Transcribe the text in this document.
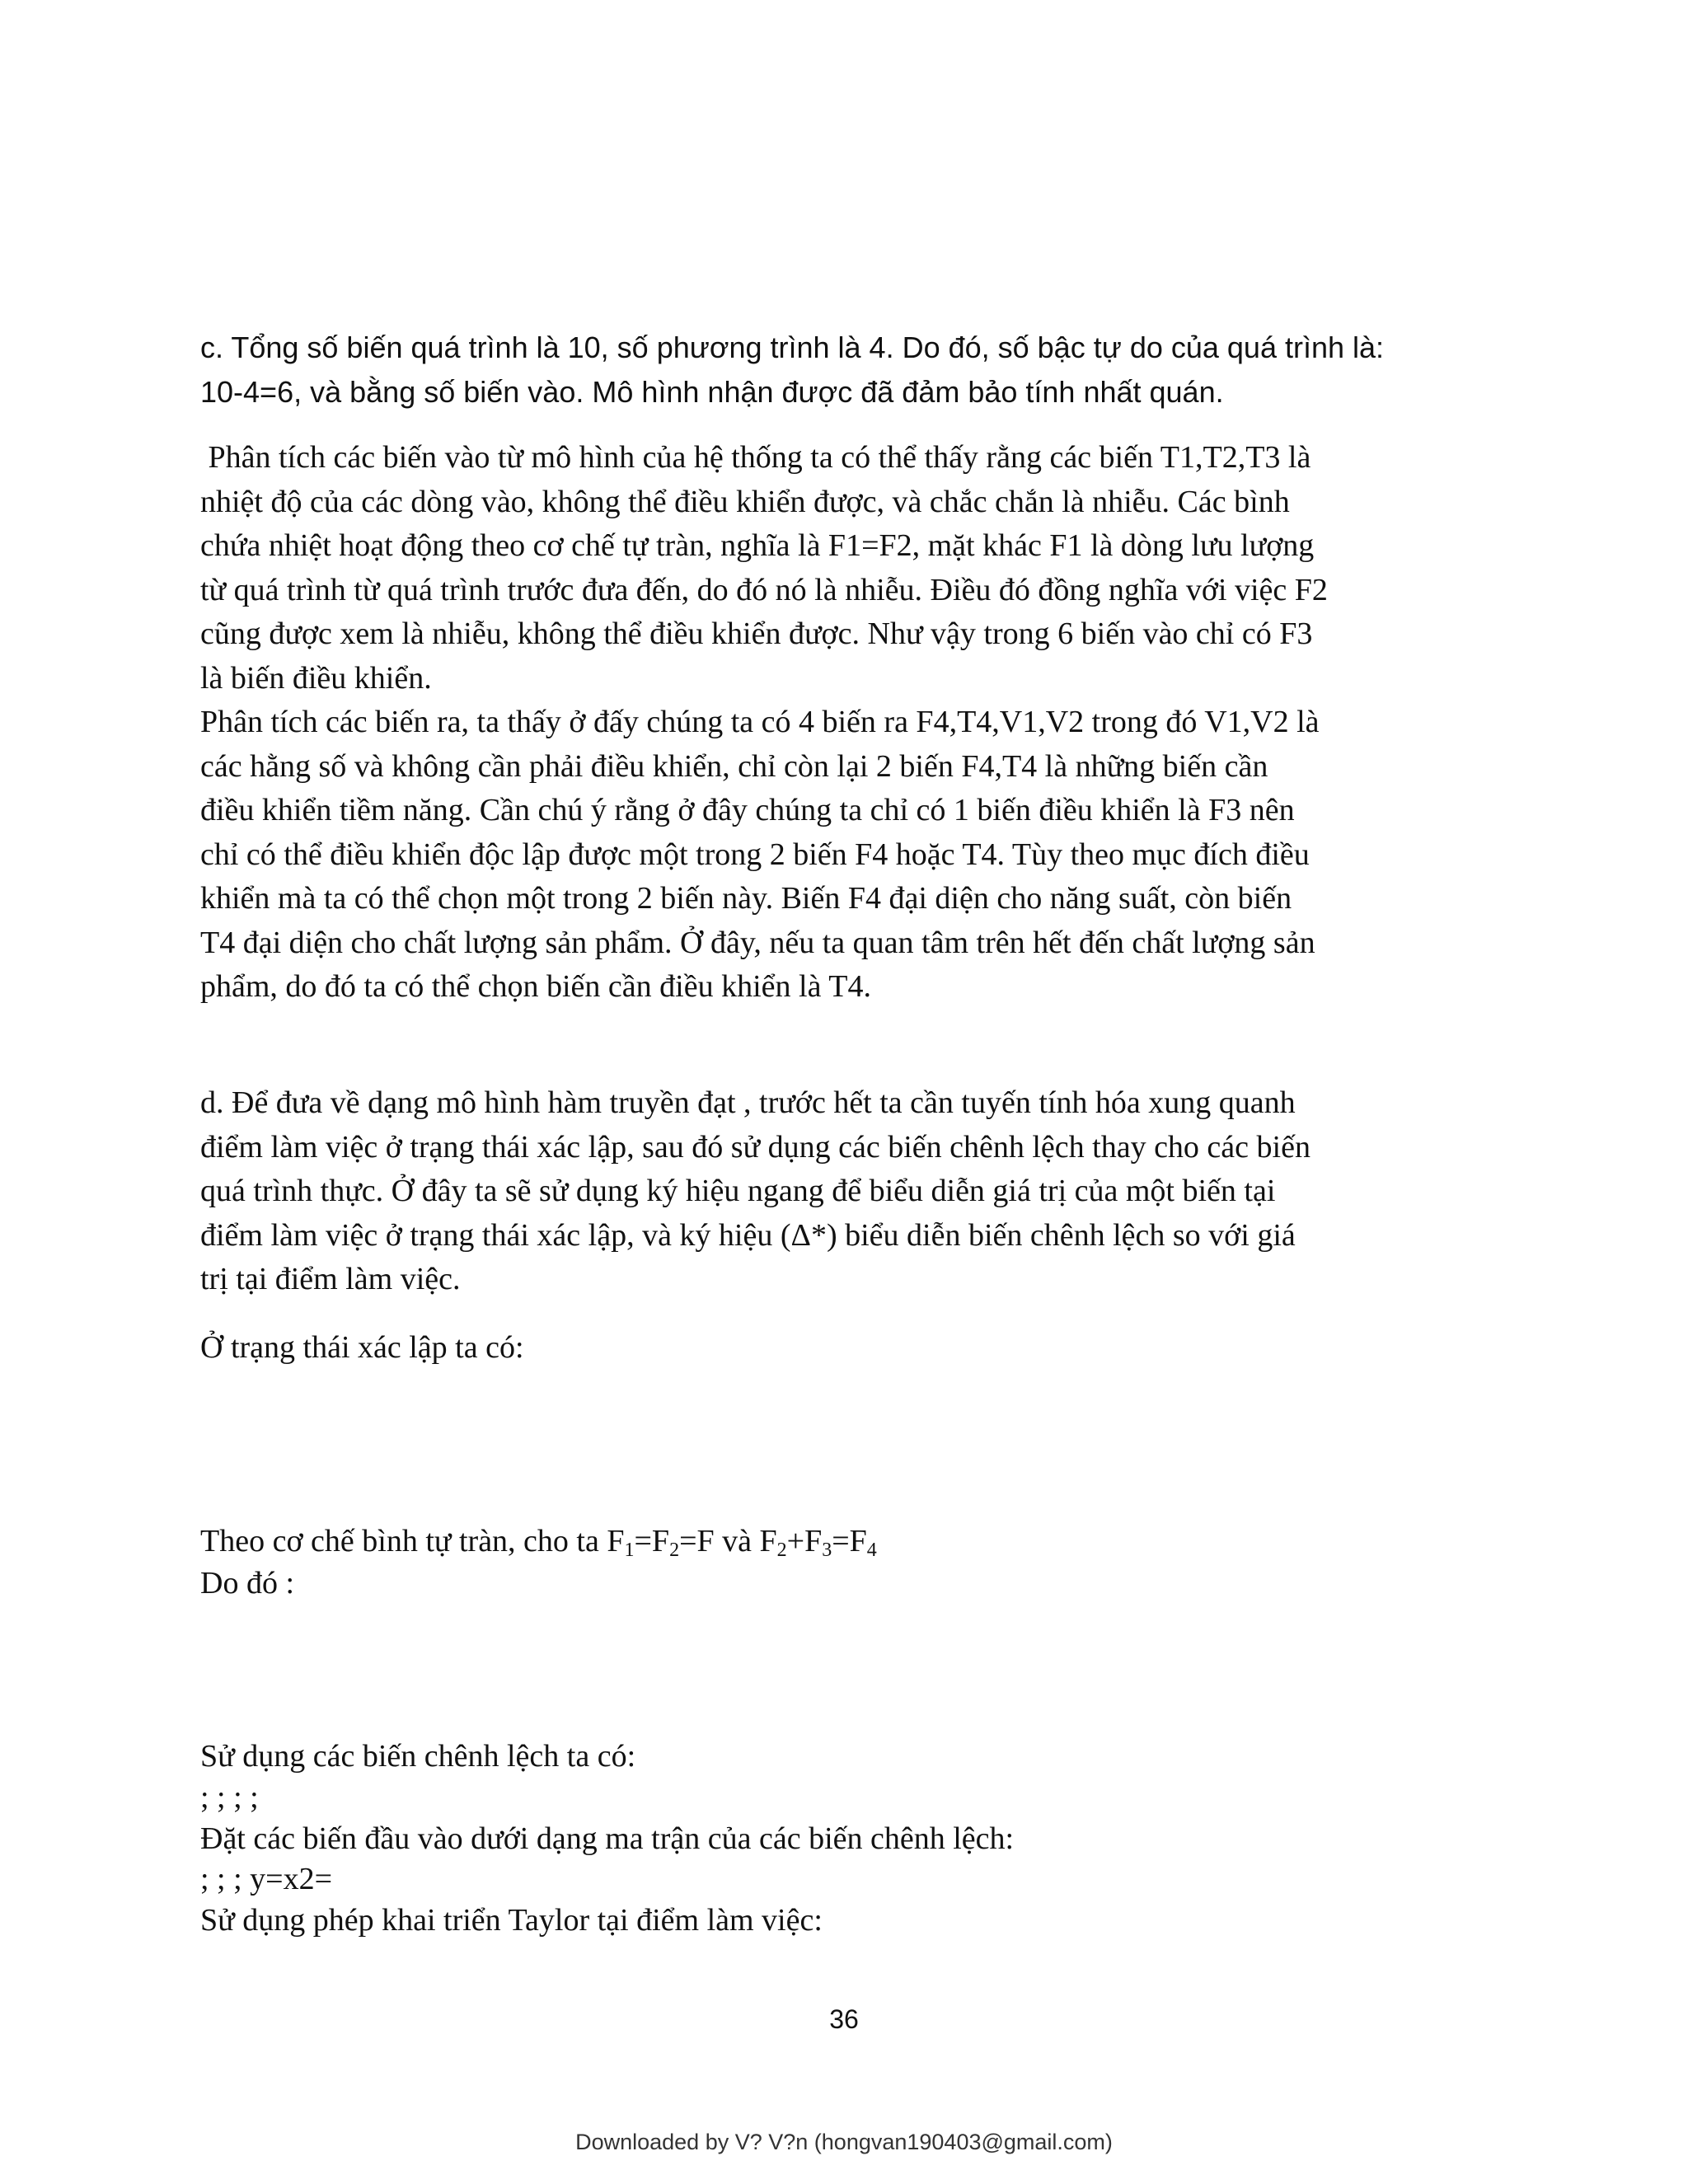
c. Tổng số biến quá trình là 10, số phương trình là 4. Do đó, số bậc tự do của quá trình là:
10-4=6, và bằng số biến vào. Mô hình nhận được đã đảm bảo tính nhất quán.
Phân tích các biến vào từ mô hình của hệ thống ta có thể thấy rằng các biến T1,T2,T3 là
nhiệt độ của các dòng vào, không thể điều khiển được, và chắc chắn là nhiễu. Các bình
chứa nhiệt hoạt động theo cơ chế tự tràn, nghĩa là F1=F2, mặt khác F1 là dòng lưu lượng
từ quá trình từ quá trình trước đưa đến, do đó nó là nhiễu. Điều đó đồng nghĩa với việc F2
cũng được xem là nhiễu, không thể điều khiển được. Như vậy trong 6 biến vào chỉ có F3
là biến điều khiển.
Phân tích các biến ra, ta thấy ở đấy chúng ta có 4 biến ra F4,T4,V1,V2 trong đó V1,V2 là
các hằng số và không cần phải điều khiển, chỉ còn lại 2 biến F4,T4 là những biến cần
điều khiển tiềm năng. Cần chú ý rằng ở đây chúng ta chỉ có 1 biến điều khiển là F3 nên
chỉ có thể điều khiển độc lập được một trong 2 biến F4 hoặc T4. Tùy theo mục đích điều
khiển mà ta có thể chọn một trong 2 biến này. Biến F4 đại diện cho năng suất, còn biến
T4 đại diện cho chất lượng sản phẩm. Ở đây, nếu ta quan tâm trên hết đến chất lượng sản
phẩm, do đó ta có thể chọn biến cần điều khiển là T4.
d. Để đưa về dạng mô hình hàm truyền đạt , trước hết ta cần tuyến tính hóa xung quanh
điểm làm việc ở trạng thái xác lập, sau đó sử dụng các biến chênh lệch thay cho các biến
quá trình thực. Ở đây ta sẽ sử dụng ký hiệu ngang để biểu diễn giá trị của một biến tại
điểm làm việc ở trạng thái xác lập, và ký hiệu (Δ*) biểu diễn biến chênh lệch so với giá
trị tại điểm làm việc.

Ở trạng thái xác lập ta có:

Theo cơ chế bình tự tràn, cho ta $F_1=F_2=F$ và $F_2+F_3=F_4$

Do đó :

Sử dụng các biến chênh lệch ta có:

; ; ; ;

Đặt các biến đầu vào dưới dạng ma trận của các biến chênh lệch:

; ; ; y=x2=

Sử dụng phép khai triển Taylor tại điểm làm việc:

36
Downloaded by V? V?n (hongvan190403@gmail.com)
